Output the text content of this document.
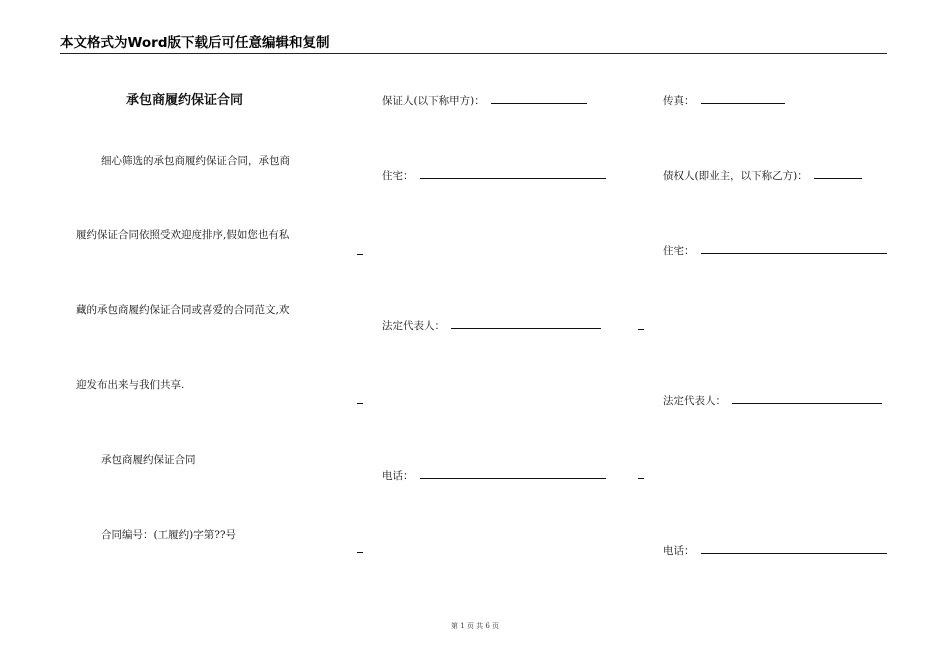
本文格式为Word版下载后可任意编辑和复制
承包商履约保证合同
细心筛选的承包商履约保证合同，承包商
履约保证合同依照受欢迎度排序,假如您也有私
藏的承包商履约保证合同或喜爱的合同范文,欢
迎发布出来与我们共享.
承包商履约保证合同
合同编号：(工履约)字第??号
保证人(以下称甲方)：
住宅：
法定代表人：
电话：
传真：
债权人(即业主，以下称乙方)：
住宅：
法定代表人：
电话：
第 1 页 共 6 页
